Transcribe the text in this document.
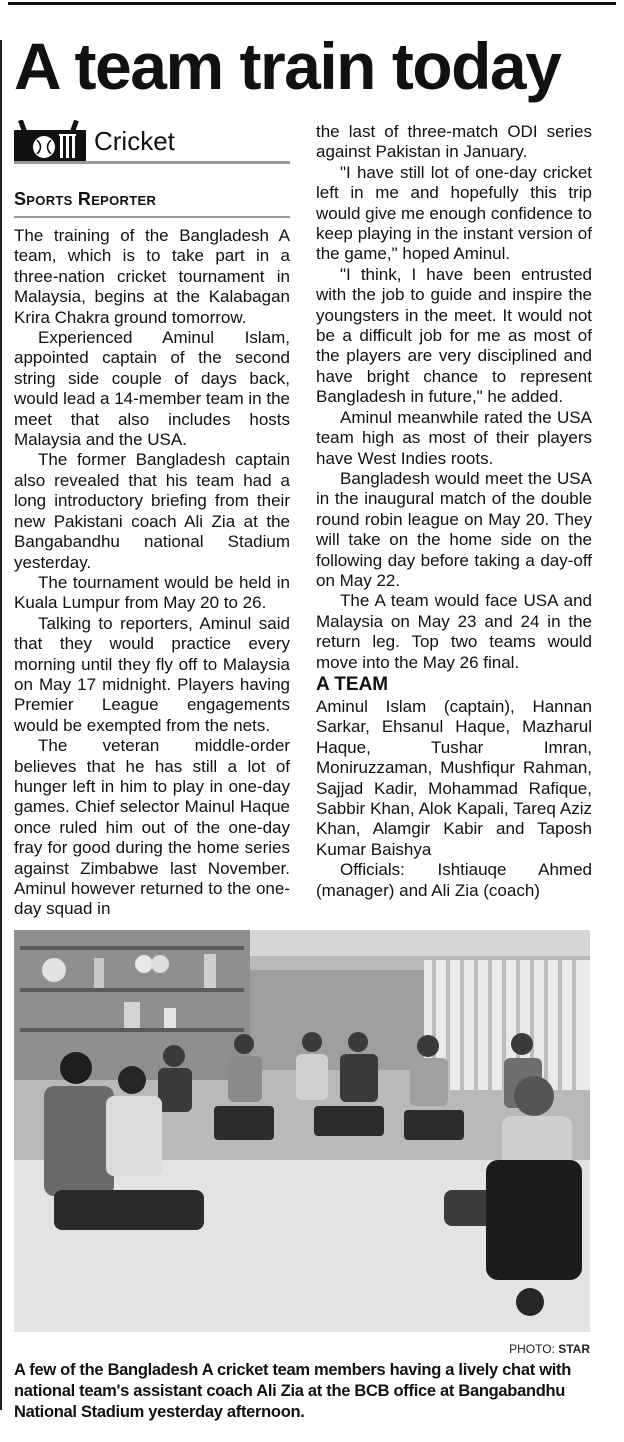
A team train today
Cricket
Sports Reporter

The training of the Bangladesh A team, which is to take part in a three-nation cricket tournament in Malaysia, begins at the Kalabagan Krira Chakra ground tomorrow.

Experienced Aminul Islam, appointed captain of the second string side couple of days back, would lead a 14-member team in the meet that also includes hosts Malaysia and the USA.

The former Bangladesh captain also revealed that his team had a long introductory briefing from their new Pakistani coach Ali Zia at the Bangabandhu national Stadium yesterday.

The tournament would be held in Kuala Lumpur from May 20 to 26.

Talking to reporters, Aminul said that they would practice every morning until they fly off to Malaysia on May 17 midnight. Players having Premier League engagements would be exempted from the nets.

The veteran middle-order believes that he has still a lot of hunger left in him to play in one-day games. Chief selector Mainul Haque once ruled him out of the one-day fray for good during the home series against Zimbabwe last November. Aminul however returned to the one-day squad in

the last of three-match ODI series against Pakistan in January.

"I have still lot of one-day cricket left in me and hopefully this trip would give me enough confidence to keep playing in the instant version of the game," hoped Aminul.

"I think, I have been entrusted with the job to guide and inspire the youngsters in the meet. It would not be a difficult job for me as most of the players are very disciplined and have bright chance to represent Bangladesh in future," he added.

Aminul meanwhile rated the USA team high as most of their players have West Indies roots.

Bangladesh would meet the USA in the inaugural match of the double round robin league on May 20. They will take on the home side on the following day before taking a day-off on May 22.

The A team would face USA and Malaysia on May 23 and 24 in the return leg. Top two teams would move into the May 26 final.

A TEAM

Aminul Islam (captain), Hannan Sarkar, Ehsanul Haque, Mazharul Haque, Tushar Imran, Moniruzzaman, Mushfiqur Rahman, Sajjad Kadir, Mohammad Rafique, Sabbir Khan, Alok Kapali, Tareq Aziz Khan, Alamgir Kabir and Taposh Kumar Baishya

Officials: Ishtiauqe Ahmed (manager) and Ali Zia (coach)

PHOTO: STAR
A few of the Bangladesh A cricket team members having a lively chat with national team's assistant coach Ali Zia at the BCB office at Bangabandhu National Stadium yesterday afternoon.
